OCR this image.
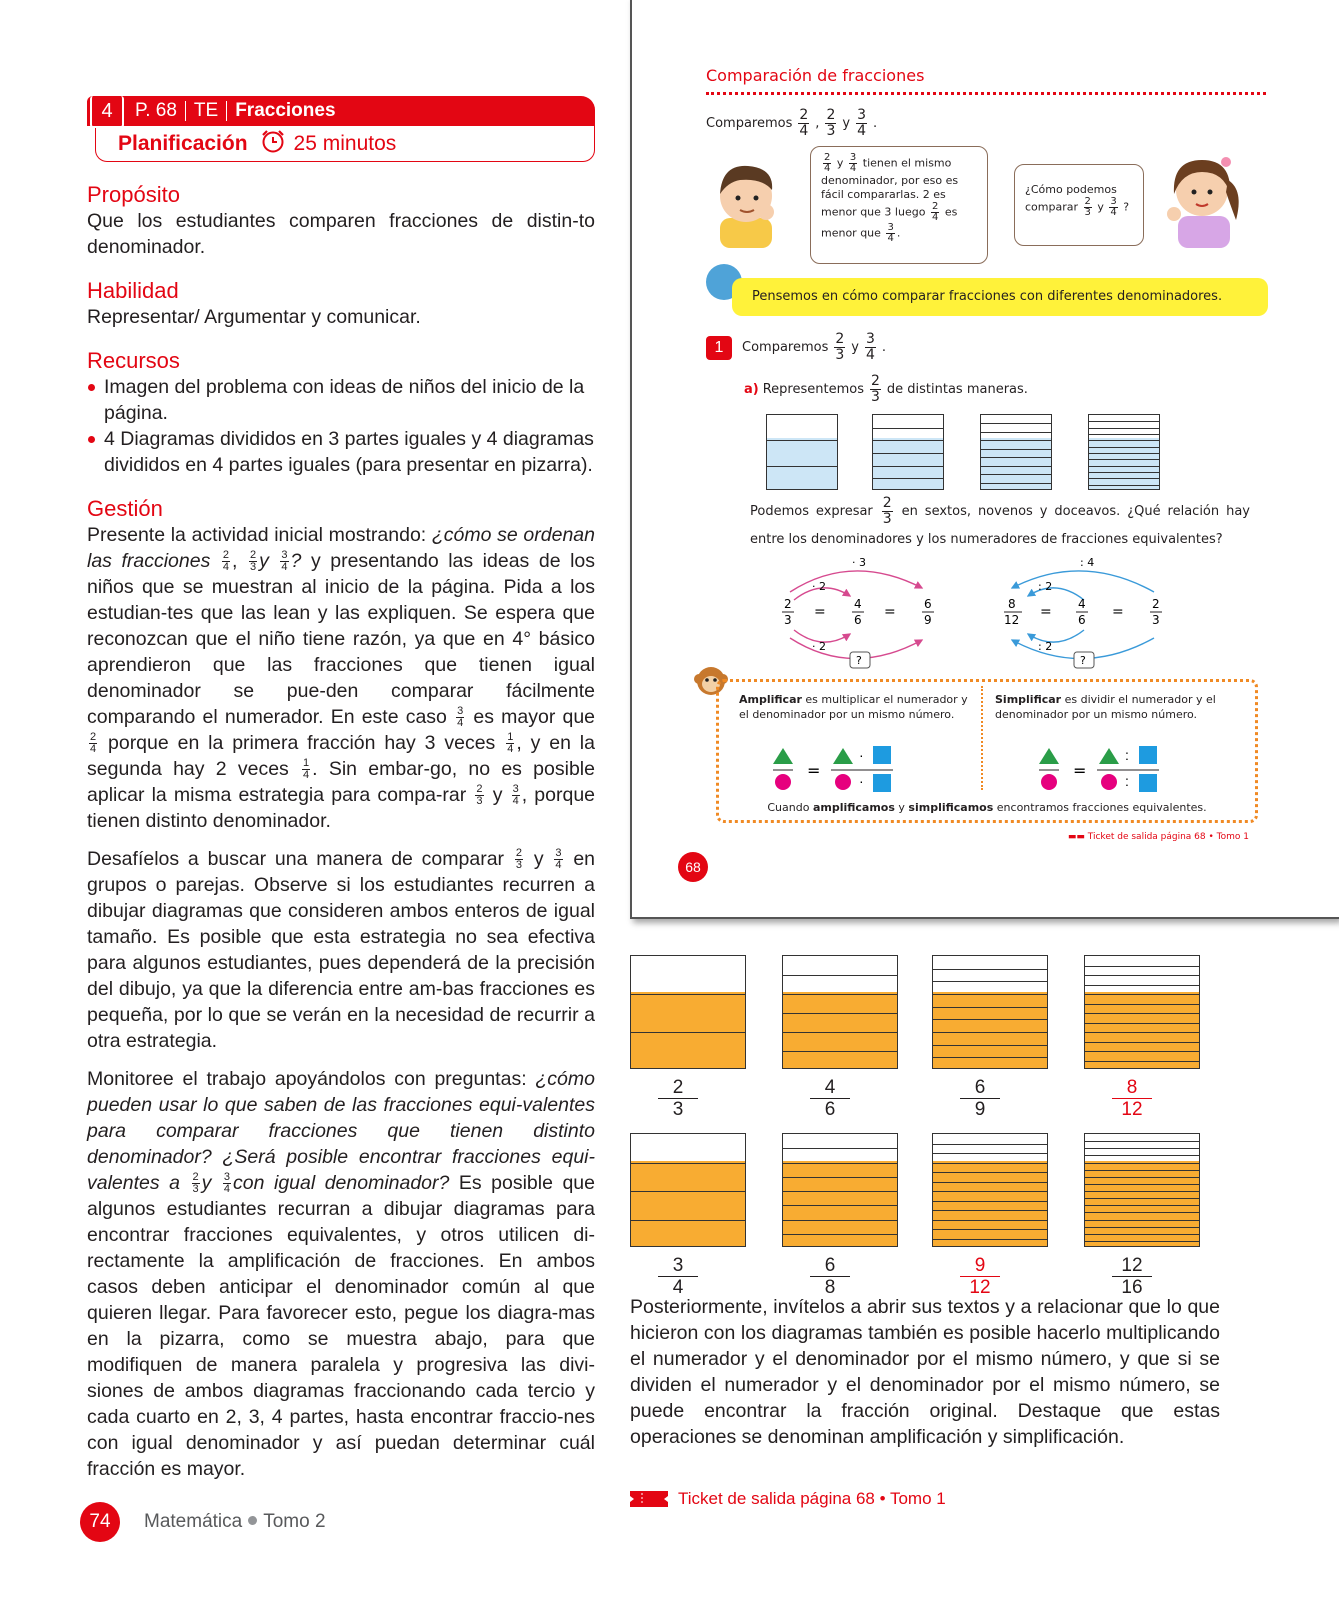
4	P. 68 TE Fracciones
Planificación 25 minutos
Propósito
Que los estudiantes comparen fracciones de distin-to denominador.
Habilidad
Representar/ Argumentar y comunicar.
Recursos
Imagen del problema con ideas de niños del inicio de la página.
4 Diagramas divididos en 3 partes iguales y 4 diagramas divididos en 4 partes iguales (para presentar en pizarra).
Gestión
Presente la actividad inicial mostrando: ¿cómo se ordenan las fracciones $\frac{2}{4}$ , $\frac{2}{3}$ y $\frac{3}{4}$ ? y presentando las ideas de los niños que se muestran al inicio de la página. Pida a los estudian-tes que las lean y las expliquen. Se espera que reconozcan que el niño tiene razón, ya que en 4° básico aprendieron que las fracciones que tienen igual denominador se pue-den comparar fácilmente comparando el numerador. En este caso $\frac{3}{4}$ es mayor que
$\frac{2}{4}$ porque en la primera fracción hay 3 veces $\frac{1}{4}$ , y en la segunda hay 2 veces $\frac{1}{4}$ . Sin embar-go, no es posible aplicar la misma estrategia para compa-rar $\frac{2}{3}$ y $\frac{3}{4}$ , porque tienen distinto denominador.
Desafíelos a buscar una manera de comparar $\frac{2}{3}$ y $\frac{3}{4}$ en grupos o parejas. Observe si los estudiantes recurren a dibujar diagramas que consideren ambos enteros de igual tamaño. Es posible que esta estrategia no sea efectiva para algunos estudiantes, pues dependerá de la precisión del dibujo, ya que la diferencia entre am-bas fracciones es pequeña, por lo que se verán en la necesidad de recurrir a otra estrategia.
Monitoree el trabajo apoyándolos con preguntas: ¿cómo pueden usar lo que saben de las fracciones equi-valentes para comparar fracciones que tienen distinto denominador? ¿Será posible encontrar fracciones equi-valentes a $\frac{2}{3}$ y $\frac{3}{4}$ con igual denominador? Es posible que algunos estudiantes recurran a dibujar diagramas para encontrar fracciones equivalentes, y otros utilicen di-rectamente la amplificación de fracciones. En ambos casos deben anticipar el denominador común al que quieren llegar. Para favorecer esto, pegue los diagra-mas en la pizarra, como se muestra abajo, para que modifiquen de manera paralela y progresiva las divi-siones de ambos diagramas fraccionando cada tercio y cada cuarto en 2, 3, 4 partes, hasta encontrar fraccio-nes con igual denominador y así puedan determinar cuál fracción es mayor.
Comparación de fracciones
Comparemos
2
4 ,
2
3 y
3
4 .
$\frac{2}{4}$ y $\frac{3}{4}$ tienen el mismo denominador, por eso es fácil compararlas. 2 es menor que 3 luego $\frac{2}{4}$ es menor que $\frac{3}{4}$ .
¿Cómo podemos
comparar $\frac{2}{3}$ y $\frac{3}{4}$ ?
Pensemos en cómo comparar fracciones con diferentes denominadores.
1	Comparemos
2
3 y
3
4 .
a) Representemos
2
3 de distintas maneras.
Podemos expresar $\frac{2}{3}$ en sextos, novenos y doceavos. ¿Qué relación hay entre los denominadores y los numeradores de fracciones equivalentes?
· 3
· 2
· 2
2
3 = 4
6 = 6
9
?
: 4
: 2
: 2
8
12 = 4
6 = 2
3
?
Amplificar es multiplicar el numerador y el denominador por un mismo número.
Simplificar es dividir el numerador y el denominador por un mismo número.
=
·
·
=
:
:
Cuando amplificamos y simplificamos encontramos fracciones equivalentes.
▬▬ Ticket de salida página 68 • Tomo 1
68
$\frac{2}{3}$	$\frac{4}{6}$	$\frac{6}{9}$	$\frac{8}{12}$
$\frac{3}{4}$	$\frac{6}{8}$	$\frac{9}{12}$	$\frac{12}{16}$
Posteriormente, invítelos a abrir sus textos y a relacionar que lo que hicieron con los diagramas también es posible hacerlo multiplicando el numerador y el denominador por el mismo número, y que si se dividen el numerador y el denominador por el mismo número, se puede encontrar la fracción original. Destaque que estas operaciones se denominan amplificación y simplificación.
Ticket de salida página 68 • Tomo 1
74	Matemática Tomo 2
